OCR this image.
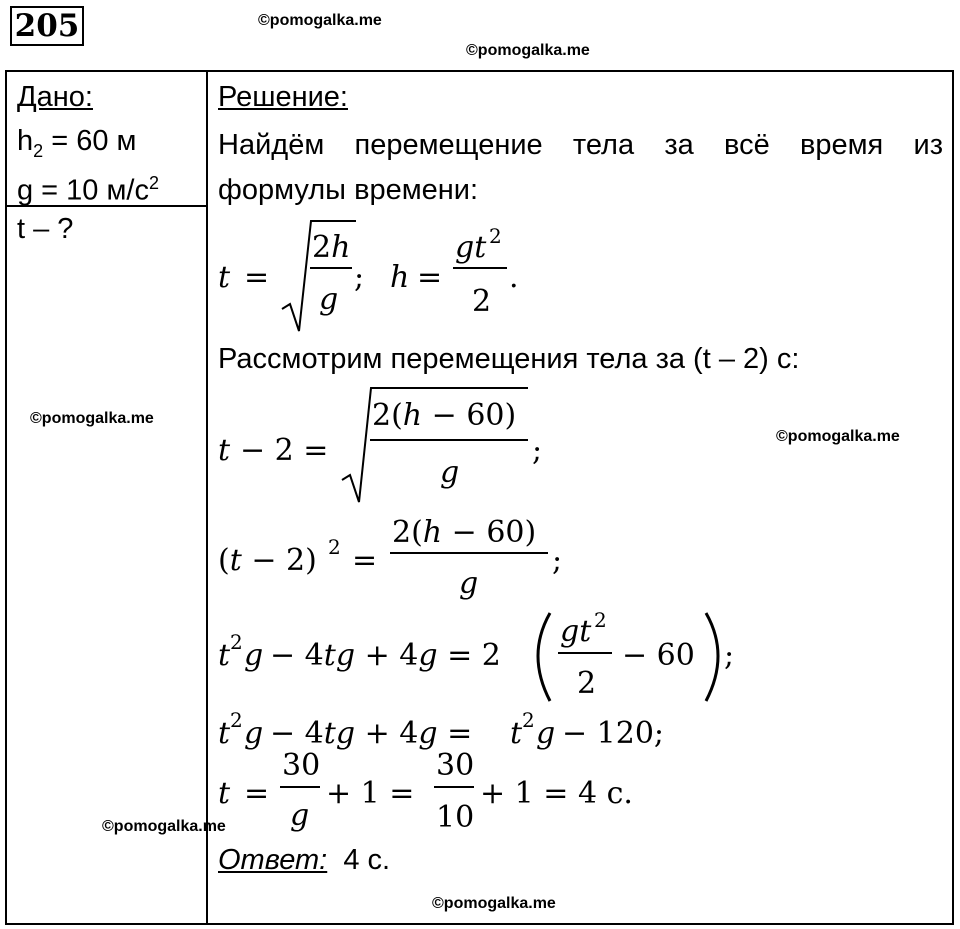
205	©pomogalka.me
©pomogalka.me
Дано:
$h_2 = 60$ м
g = 10 $м/с^2$
t – ?
Решение:
Найдём перемещение тела за всё время из формулы времени:
Рассмотрим перемещения тела за (t – 2) с:
Ответ: 4 с.
t =
2h
g
; h =
gt 2
2
.
t − 2 =
2(h − 60)
g
;
(t − 2) 2 =
2(h − 60)
g
;
t 2 g − 4tg + 4g = 2
gt 2
2
− 60 ;
t 2 g − 4tg + 4g = t 2 g − 120;
t =
30
g
+ 1 =
30
10
+ 1 = 4 с.
©pomogalka.me
©pomogalka.me
©pomogalka.me
©pomogalka.me
